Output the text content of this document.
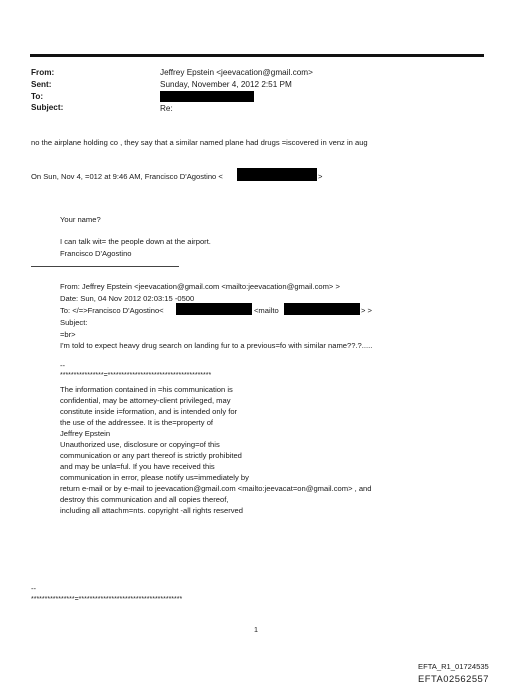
From:	Jeffrey Epstein <jeevacation@gmail.com>
Sent:	Sunday, November 4, 2012 2:51 PM
To:
Subject:	Re:
no the airplane holding co , they say that a similar named plane had drugs =iscovered in venz in aug
On Sun, Nov 4, =012 at 9:46 AM, Francisco D'Agostino <	>
Your name?
I can talk wit= the people down at the airport.
Francisco D'Agostino
From: Jeffrey Epstein <jeevacation@gmail.com <mailto:jeevacation@gmail.com> >
Date: Sun, 04 Nov 2012 02:03:15 -0500
To: </=>Francisco D'Agostino<	<mailto	> >
Subject:
=br>
I'm told to expect heavy drug search on landing fur to a previous=fo with similar name??.?.....
--
****************=**************************************
The information contained in =his communication is
confidential, may be attorney-client privileged, may
constitute inside i=formation, and is intended only for
the use of the addressee. It is the=property of
Jeffrey Epstein
Unauthorized use, disclosure or copying=of this
communication or any part thereof is strictly prohibited
and may be unla=ful. If you have received this
communication in error, please notify us=immediately by
return e-mail or by e-mail to jeevacation@gmail.com <mailto:jeevacat=on@gmail.com> , and
destroy this communication and all copies thereof,
including all attachm=nts. copyright -all rights reserved
--
****************=**************************************
1
EFTA_R1_01724535
EFTA02562557
